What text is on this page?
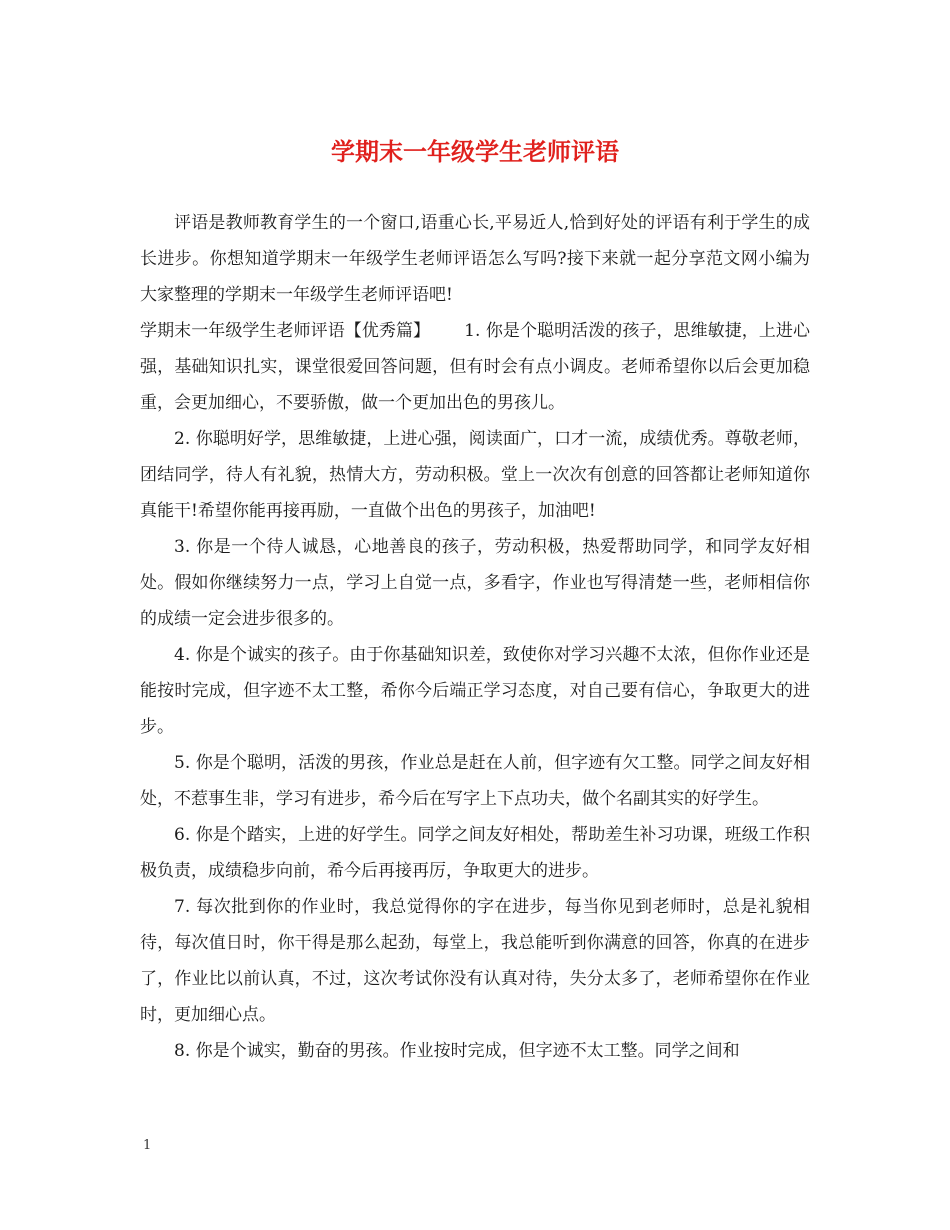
学期末一年级学生老师评语

评语是教师教育学生的一个窗口,语重心长,平易近人,恰到好处的评语有利于学生的成长进步。你想知道学期末一年级学生老师评语怎么写吗?接下来就一起分享范文网小编为大家整理的学期末一年级学生老师评语吧!

学期末一年级学生老师评语【优秀篇】 1. 你是个聪明活泼的孩子，思维敏捷，上进心强，基础知识扎实，课堂很爱回答问题，但有时会有点小调皮。老师希望你以后会更加稳重，会更加细心，不要骄傲，做一个更加出色的男孩儿。

2. 你聪明好学，思维敏捷，上进心强，阅读面广，口才一流，成绩优秀。尊敬老师，团结同学，待人有礼貌，热情大方，劳动积极。堂上一次次有创意的回答都让老师知道你真能干!希望你能再接再励，一直做个出色的男孩子，加油吧!

3. 你是一个待人诚恳，心地善良的孩子，劳动积极，热爱帮助同学，和同学友好相处。假如你继续努力一点，学习上自觉一点，多看字，作业也写得清楚一些，老师相信你的成绩一定会进步很多的。

4. 你是个诚实的孩子。由于你基础知识差，致使你对学习兴趣不太浓，但你作业还是能按时完成，但字迹不太工整，希你今后端正学习态度，对自己要有信心，争取更大的进步。

5. 你是个聪明，活泼的男孩，作业总是赶在人前，但字迹有欠工整。同学之间友好相处，不惹事生非，学习有进步，希今后在写字上下点功夫，做个名副其实的好学生。

6. 你是个踏实，上进的好学生。同学之间友好相处，帮助差生补习功课，班级工作积极负责，成绩稳步向前，希今后再接再厉，争取更大的进步。

7. 每次批到你的作业时，我总觉得你的字在进步，每当你见到老师时，总是礼貌相待，每次值日时，你干得是那么起劲，每堂上，我总能听到你满意的回答，你真的在进步了，作业比以前认真，不过，这次考试你没有认真对待，失分太多了，老师希望你在作业时，更加细心点。

8. 你是个诚实，勤奋的男孩。作业按时完成，但字迹不太工整。同学之间和

1
